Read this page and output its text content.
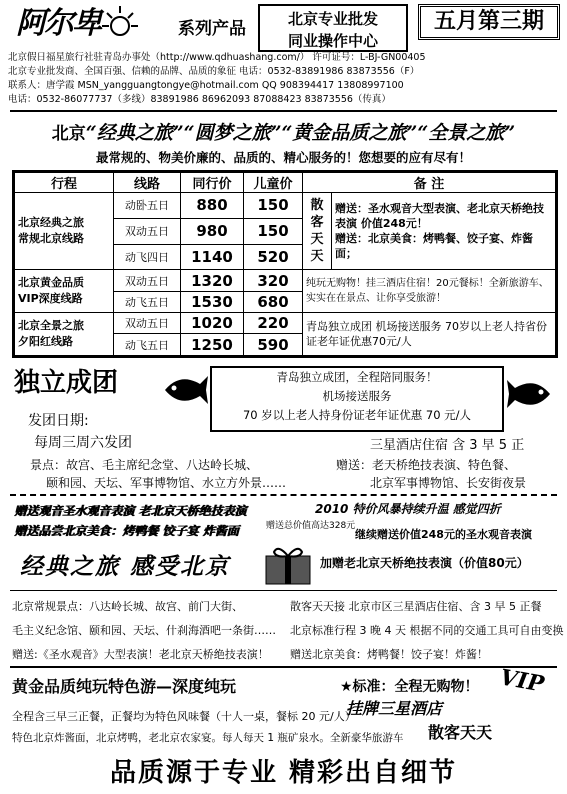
阿尔卑	系列产品	北京专业批发
同业操作中心
五月第三期
北京假日福星旅行社驻青岛办事处（http://www.qdhuashang.com/） 许可证号：L-BJ-GN00405
北京专业批发商、全国百强、信赖的品牌、品质的象征 电话：0532-83891986 83873556（F）
联系人：唐学霞 MSN_yangguangtongye@hotmail.com QQ 908394417 13808997100
电话：0532-86077737（多线）83891986 86962093 87088423 83873556（传真）
北京“经典之旅”“圆梦之旅”“黄金品质之旅”“全景之旅”
最常规的、物美价廉的、品质的、精心服务的！您想要的应有尽有！
行程	线路	同行价	儿童价	备 注	
北京经典之旅
常规北京线路	动卧五日	880	150	散客天天	赠送：圣水观音大型表演、老北京天桥绝技表演 价值248元！
赠送：北京美食：烤鸭餐、饺子宴、炸酱面；
	双动五日	980	150		
	动飞四日	1140	520		
北京黄金品质
VIP深度线路	双动五日	1320	320	纯玩无购物！挂三酒店住宿！20元餐标！全新旅游车、实实在在景点、让你享受旅游！	
	动飞五日	1530	680		
北京全景之旅
夕阳红线路	双动五日	1020	220	青岛独立成团 机场接送服务 70岁以上老人持省份证老年证优惠70元/人	
	动飞五日	1250	590		
独立成团	青岛独立成团，全程陪同服务！
机场接送服务
70 岁以上老人持身份证老年证优惠 70 元/人
发团日期:
每周三周六发团	三星酒店住宿 含 3 早 5 正
景点：故宫、毛主席纪念堂、八达岭长城、
颐和园、天坛、军事博物馆、水立方外景……
赠送：老天桥绝技表演、特色餐、
北京军事博物馆、长安街夜景
赠送观音圣水观音表演 老北京天桥绝技表演
赠送品尝北京美食：烤鸭餐 饺子宴 炸酱面
经典之旅 感受北京
2010 特价风暴持续升温 感觉四折
赠送总价值高达328元
继续赠送价值248元的圣水观音表演
加赠老北京天桥绝技表演（价值80元）
北京常规景点：八达岭长城、故宫、前门大街、	散客天天接 北京市区三星酒店住宿、含 3 早 5 正餐
毛主义纪念馆、颐和园、天坛、什刹海酒吧一条街…… 北京标准行程 3 晚 4 天 根据不同的交通工具可自由变换
赠送:《圣水观音》大型表演！老北京天桥绝技表演！ 赠送北京美食：烤鸭餐！饺子宴！炸酱！
黄金品质纯玩特色游—深度纯玩	★标准：全程无购物！ VIP
挂牌三星酒店
全程含三早三正餐，正餐均为特色风味餐（十人一桌，餐标 20 元/人）
散客天天
特色北京炸酱面，北京烤鸭，老北京农家宴。每人每天 1 瓶矿泉水。全新豪华旅游车
品质源于专业 精彩出自细节
